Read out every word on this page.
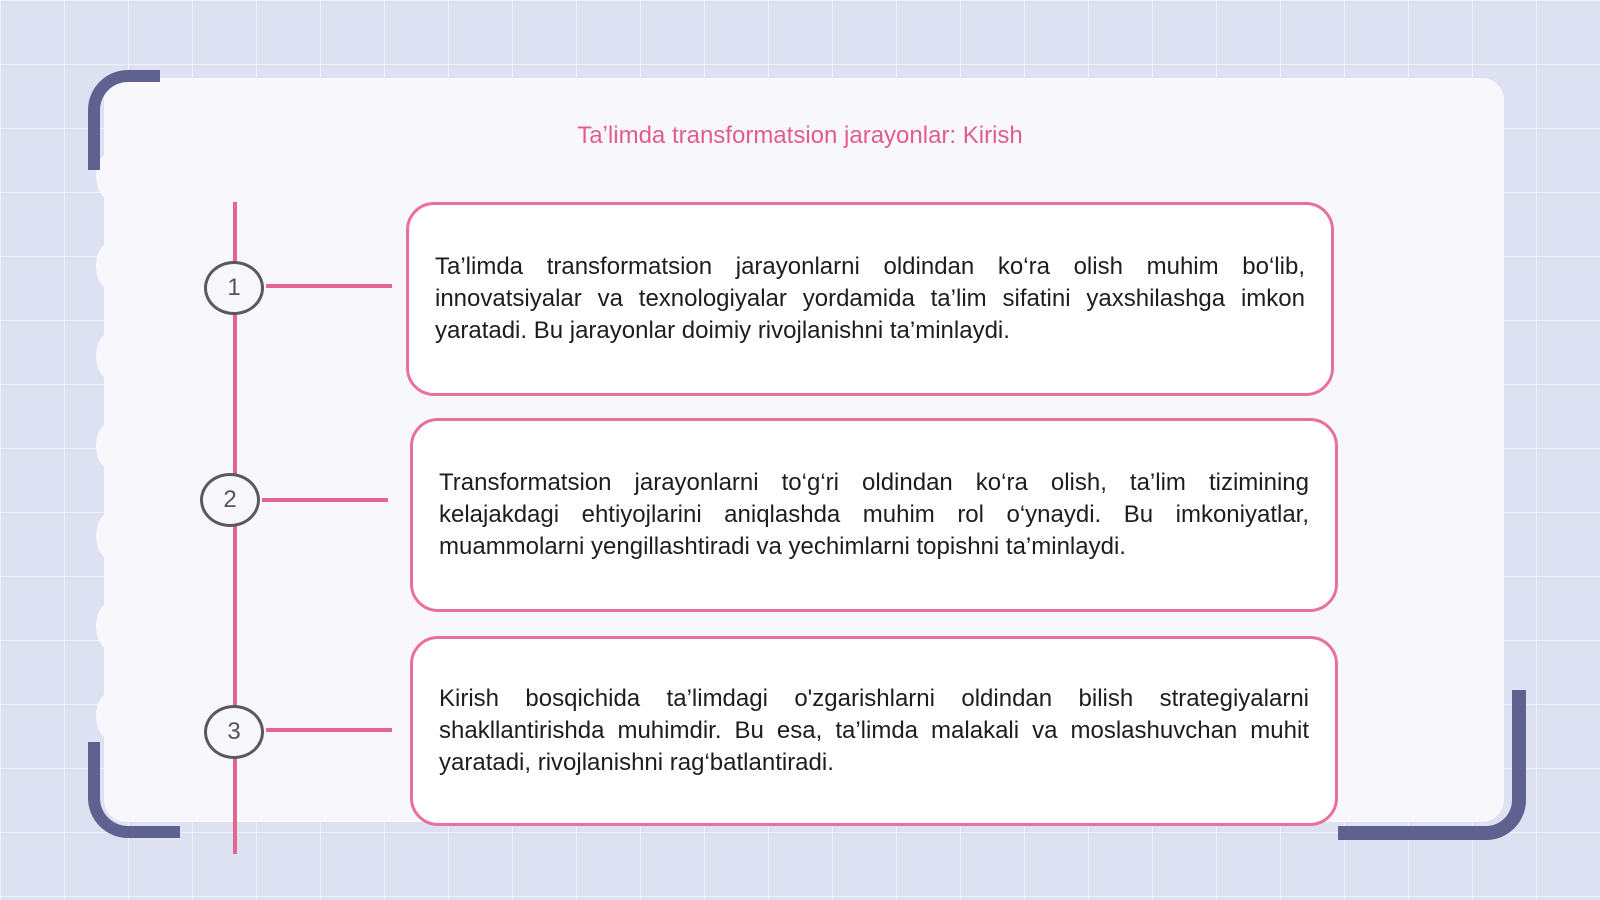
Taʼlimda transformatsion jarayonlar: Kirish
1
2
3

Ta’limda transformatsion jarayonlarni oldindan ko‘ra olish muhim bo‘lib, innovatsiyalar va texnologiyalar yordamida ta’lim sifatini yaxshilashga imkon yaratadi. Bu jarayonlar doimiy rivojlanishni ta’minlaydi.

Transformatsion jarayonlarni to‘g‘ri oldindan ko‘ra olish, ta’lim tizimining kelajakdagi ehtiyojlarini aniqlashda muhim rol o‘ynaydi. Bu imkoniyatlar, muammolarni yengillashtiradi va yechimlarni topishni ta’minlaydi.

Kirish bosqichida ta’limdagi o'zgarishlarni oldindan bilish strategiyalarni shakllantirishda muhimdir. Bu esa, ta’limda malakali va moslashuvchan muhit yaratadi, rivojlanishni rag‘batlantiradi.
